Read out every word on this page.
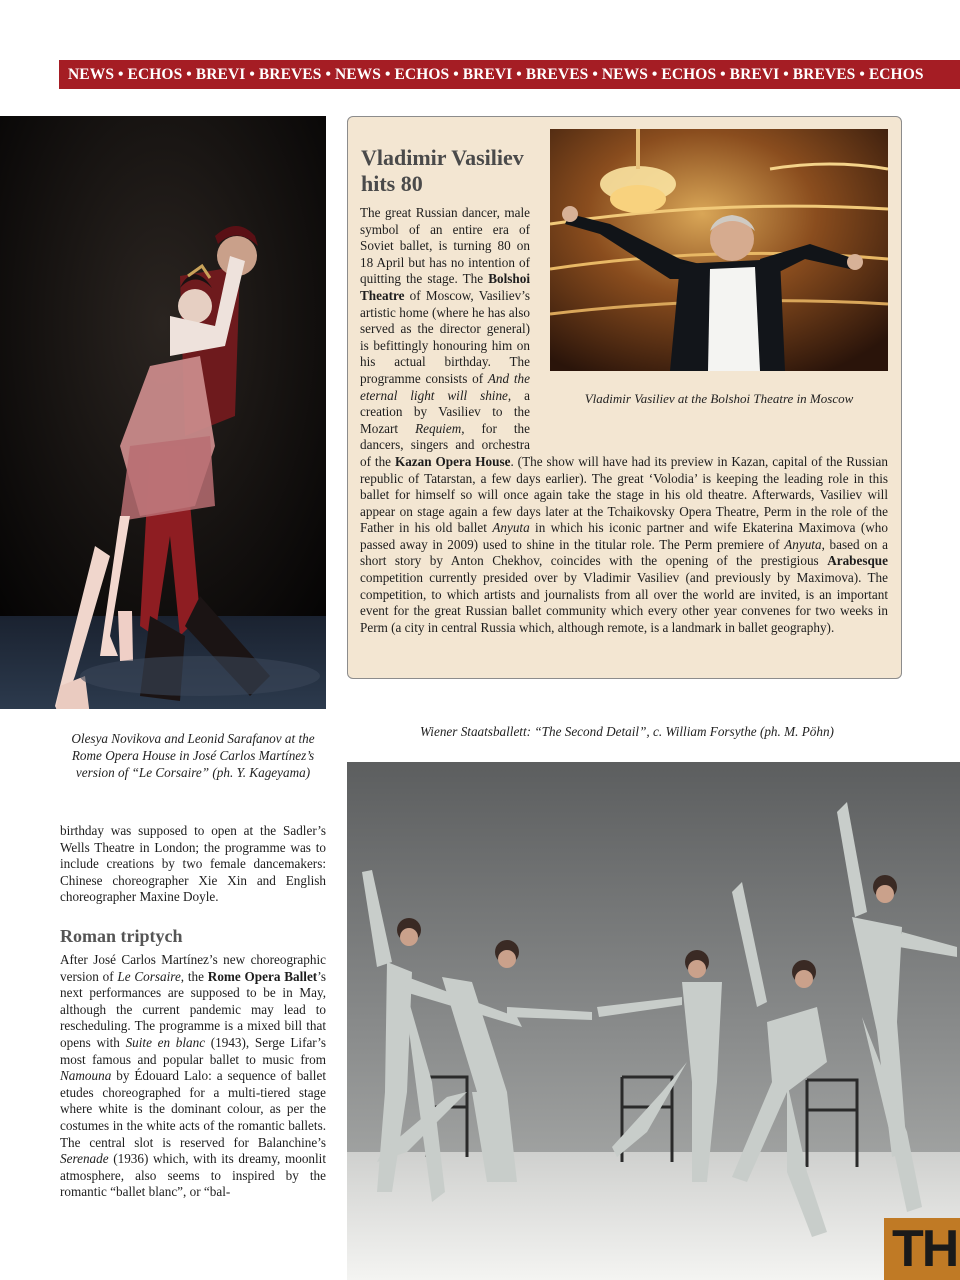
NEWS • ECHOS • BREVI • BREVES • NEWS • ECHOS • BREVI • BREVES • NEWS • ECHOS • BREVI • BREVES • ECHOS
Vladimir Vasiliev hits 80

The great Russian dancer, male symbol of an entire era of Soviet ballet, is turning 80 on 18 April but has no intention of quitting the stage. The Bolshoi Theatre of Moscow, Vasiliev’s artistic home (where he has also served as the director general) is befittingly honouring him on his actual birthday. The programme consists of And the eternal light will shine, a creation by Vasiliev to the Mozart Requiem, for the dancers, singers and orchestra of the Kazan Opera House. (The show will have had its preview in Kazan, capital of the Russian republic of Tatarstan, a few days earlier). The great ‘Volodia’ is keeping the leading role in this ballet for himself so will once again take the stage in his old theatre. Afterwards, Vasiliev will appear on stage again a few days later at the Tchaikovsky Opera Theatre, Perm in the role of the Father in his old ballet Anyuta in which his iconic partner and wife Ekaterina Maximova (who passed away in 2009) used to shine in the titular role. The Perm premiere of Anyuta, based on a short story by Anton Chekhov, coincides with the opening of the prestigious Arabesque competition currently presided over by Vladimir Vasiliev (and previously by Maximova). The competition, to which artists and journalists from all over the world are invited, is an important event for the great Russian ballet community which every other year convenes for two weeks in Perm (a city in central Russia which, although remote, is a landmark in ballet geography).

Vladimir Vasiliev at the Bolshoi Theatre in Moscow
Olesya Novikova and Leonid Sarafanov at the Rome Opera House in José Carlos Martínez’s version of “Le Corsaire” (ph. Y. Kageyama)
Wiener Staatsballett: “The Second Detail”, c. William Forsythe (ph. M. Pöhn)

birthday was supposed to open at the Sadler’s Wells Theatre in London; the programme was to include creations by two female dancemakers: Chinese choreographer Xie Xin and English choreographer Maxine Doyle.

Roman triptych

After José Carlos Martínez’s new choreographic version of Le Corsaire, the Rome Opera Ballet’s next performances are supposed to be in May, although the current pandemic may lead to rescheduling. The programme is a mixed bill that opens with Suite en blanc (1943), Serge Lifar’s most famous and popular ballet to music from Namouna by Édouard Lalo: a sequence of ballet etudes choreographed for a multi-tiered stage where white is the dominant colour, as per the costumes in the white acts of the romantic ballets. The central slot is reserved for Balanchine’s Serenade (1936) which, with its dreamy, moonlit atmosphere, also seems to inspired by the romantic “ballet blanc”, or “bal-

TH
